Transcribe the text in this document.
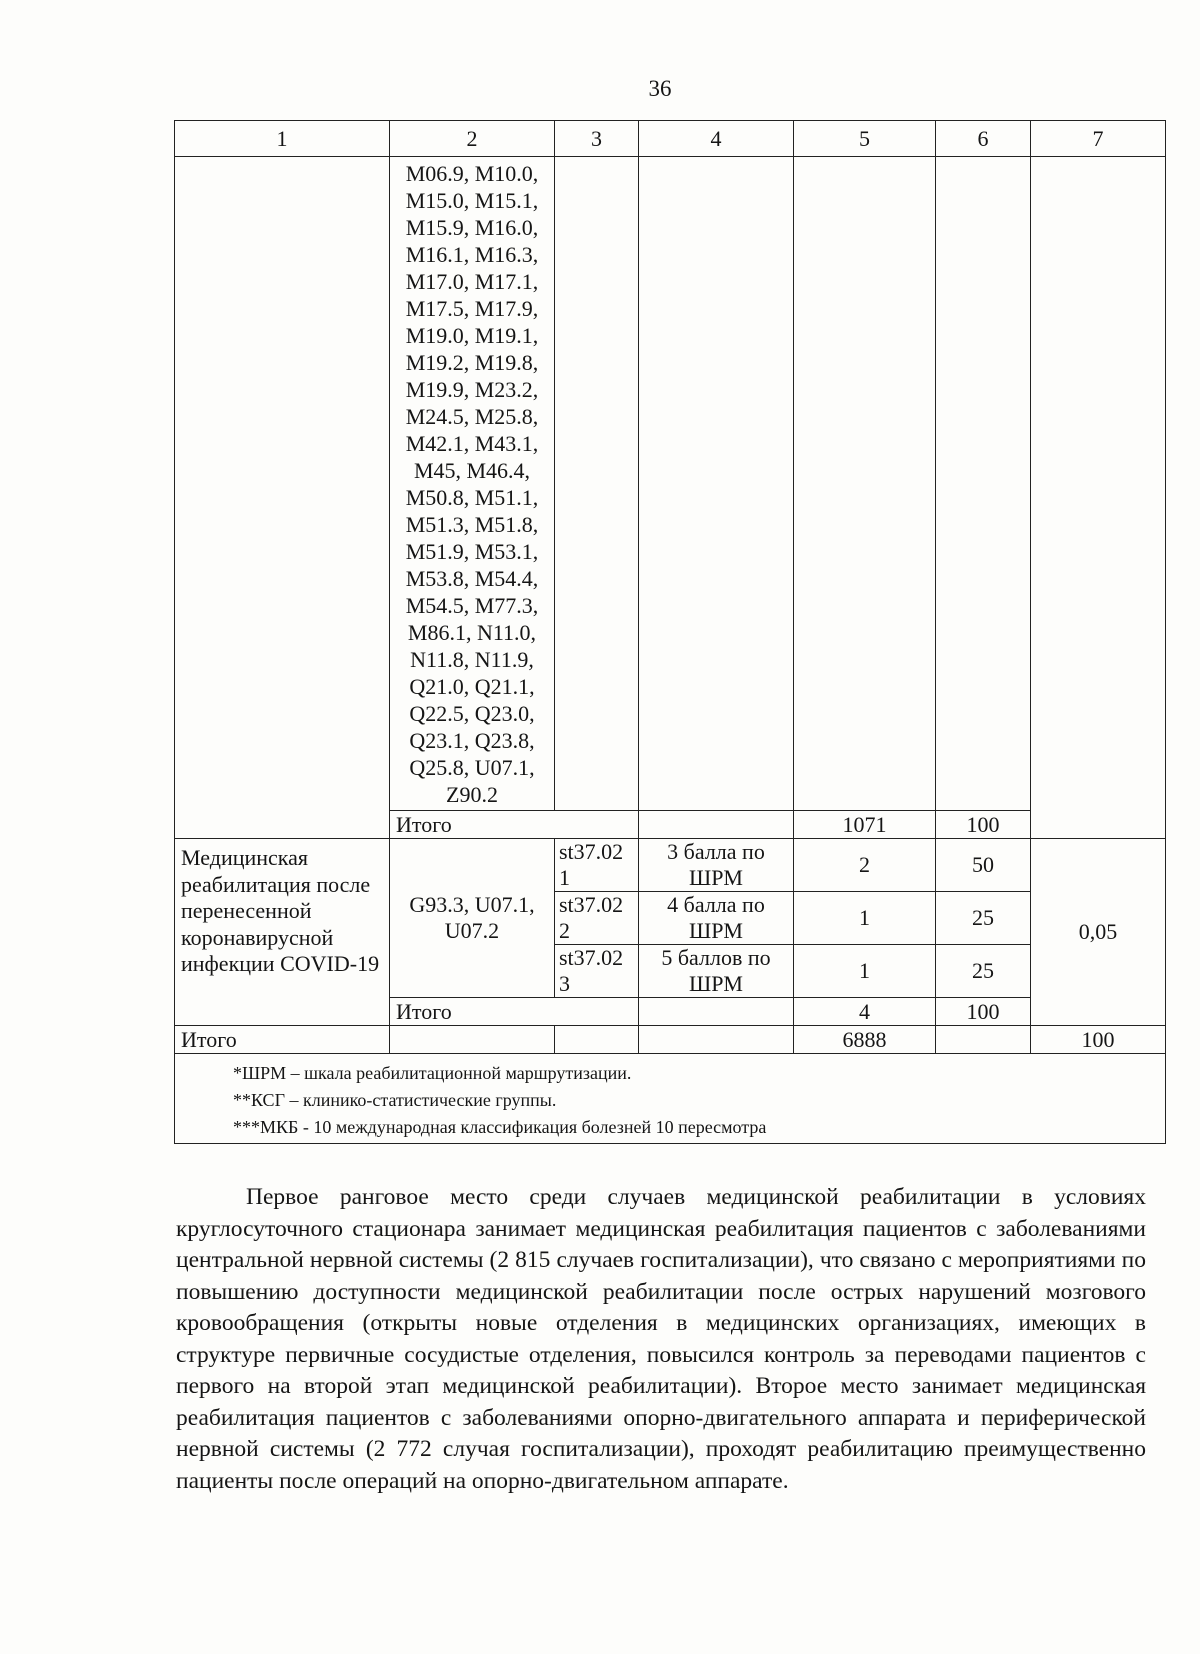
36
1	2	3	4	5	6	7
	M06.9, M10.0, M15.0, M15.1, M15.9, M16.0, M16.1, M16.3, M17.0, M17.1, M17.5, M17.9, M19.0, M19.1, M19.2, M19.8, M19.9, M23.2, M24.5, M25.8, M42.1, M43.1, M45, M46.4, M50.8, M51.1, M51.3, M51.8, M51.9, M53.1, M53.8, M54.4, M54.5, M77.3, M86.1, N11.0, N11.8, N11.9, Q21.0, Q21.1, Q22.5, Q23.0, Q23.1, Q23.8, Q25.8, U07.1, Z90.2					
	Итого			1071	100	
Медицинская реабилитация после перенесенной коронавирусной инфекции COVID-19	G93.3, U07.1, U07.2	st37.021	3 балла по ШРМ	2	50	0,05
		st37.022	4 балла по ШРМ	1	25	
		st37.023	5 баллов по ШРМ	1	25	
	Итого			4	100	
Итого				6888		100

*ШРМ – шкала реабилитационной маршрутизации.
**КСГ – клинико-статистические группы.
***МКБ - 10 международная классификация болезней 10 пересмотра						

Первое ранговое место среди случаев медицинской реабилитации в условиях круглосуточного стационара занимает медицинская реабилитация пациентов с заболеваниями центральной нервной системы (2 815 случаев госпитализации), что связано с мероприятиями по повышению доступности медицинской реабилитации после острых нарушений мозгового кровообращения (открыты новые отделения в медицинских организациях, имеющих в структуре первичные сосудистые отделения, повысился контроль за переводами пациентов с первого на второй этап медицинской реабилитации). Второе место занимает медицинская реабилитация пациентов с заболеваниями опорно-двигательного аппарата и периферической нервной системы (2 772 случая госпитализации), проходят реабилитацию преимущественно пациенты после операций на опорно-двигательном аппарате.
